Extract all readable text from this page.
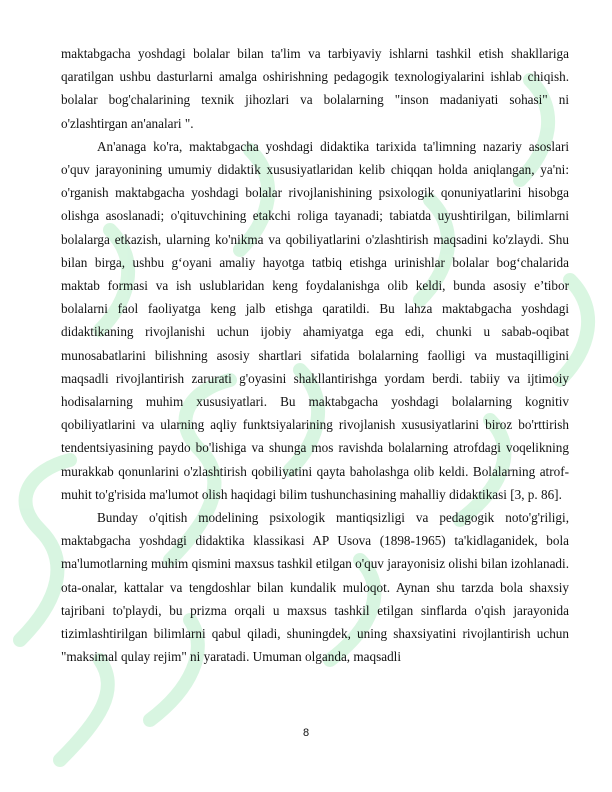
maktabgacha yoshdagi bolalar bilan ta'lim va tarbiyaviy ishlarni tashkil etish shakllariga qaratilgan ushbu dasturlarni amalga oshirishning pedagogik texnologiyalarini ishlab chiqish. bolalar bog'chalarining texnik jihozlari va bolalarning "inson madaniyati sohasi" ni o'zlashtirgan an'analari ".

An'anaga ko'ra, maktabgacha yoshdagi didaktika tarixida ta'limning nazariy asoslari o'quv jarayonining umumiy didaktik xususiyatlaridan kelib chiqqan holda aniqlangan, ya'ni: o'rganish maktabgacha yoshdagi bolalar rivojlanishining psixologik qonuniyatlarini hisobga olishga asoslanadi; o'qituvchining etakchi roliga tayanadi; tabiatda uyushtirilgan, bilimlarni bolalarga etkazish, ularning ko'nikma va qobiliyatlarini o'zlashtirish maqsadini ko'zlaydi. Shu bilan birga, ushbu g‘oyani amaliy hayotga tatbiq etishga urinishlar bolalar bog‘chalarida maktab formasi va ish uslublaridan keng foydalanishga olib keldi, bunda asosiy e’tibor bolalarni faol faoliyatga keng jalb etishga qaratildi. Bu lahza maktabgacha yoshdagi didaktikaning rivojlanishi uchun ijobiy ahamiyatga ega edi, chunki u sabab-oqibat munosabatlarini bilishning asosiy shartlari sifatida bolalarning faolligi va mustaqilligini maqsadli rivojlantirish zarurati g'oyasini shakllantirishga yordam berdi. tabiiy va ijtimoiy hodisalarning muhim xususiyatlari. Bu maktabgacha yoshdagi bolalarning kognitiv qobiliyatlarini va ularning aqliy funktsiyalarining rivojlanish xususiyatlarini biroz bo'rttirish tendentsiyasining paydo bo'lishiga va shunga mos ravishda bolalarning atrofdagi voqelikning murakkab qonunlarini o'zlashtirish qobiliyatini qayta baholashga olib keldi. Bolalarning atrof-muhit to'g'risida ma'lumot olish haqidagi bilim tushunchasining mahalliy didaktikasi [3, p. 86].

Bunday o'qitish modelining psixologik mantiqsizligi va pedagogik noto'g'riligi, maktabgacha yoshdagi didaktika klassikasi AP Usova (1898-1965) ta'kidlaganidek, bola ma'lumotlarning muhim qismini maxsus tashkil etilgan o'quv jarayonisiz olishi bilan izohlanadi. ota-onalar, kattalar va tengdoshlar bilan kundalik muloqot. Aynan shu tarzda bola shaxsiy tajribani to'playdi, bu prizma orqali u maxsus tashkil etilgan sinflarda o'qish jarayonida tizimlashtirilgan bilimlarni qabul qiladi, shuningdek, uning shaxsiyatini rivojlantirish uchun "maksimal qulay rejim" ni yaratadi. Umuman olganda, maqsadli

8
